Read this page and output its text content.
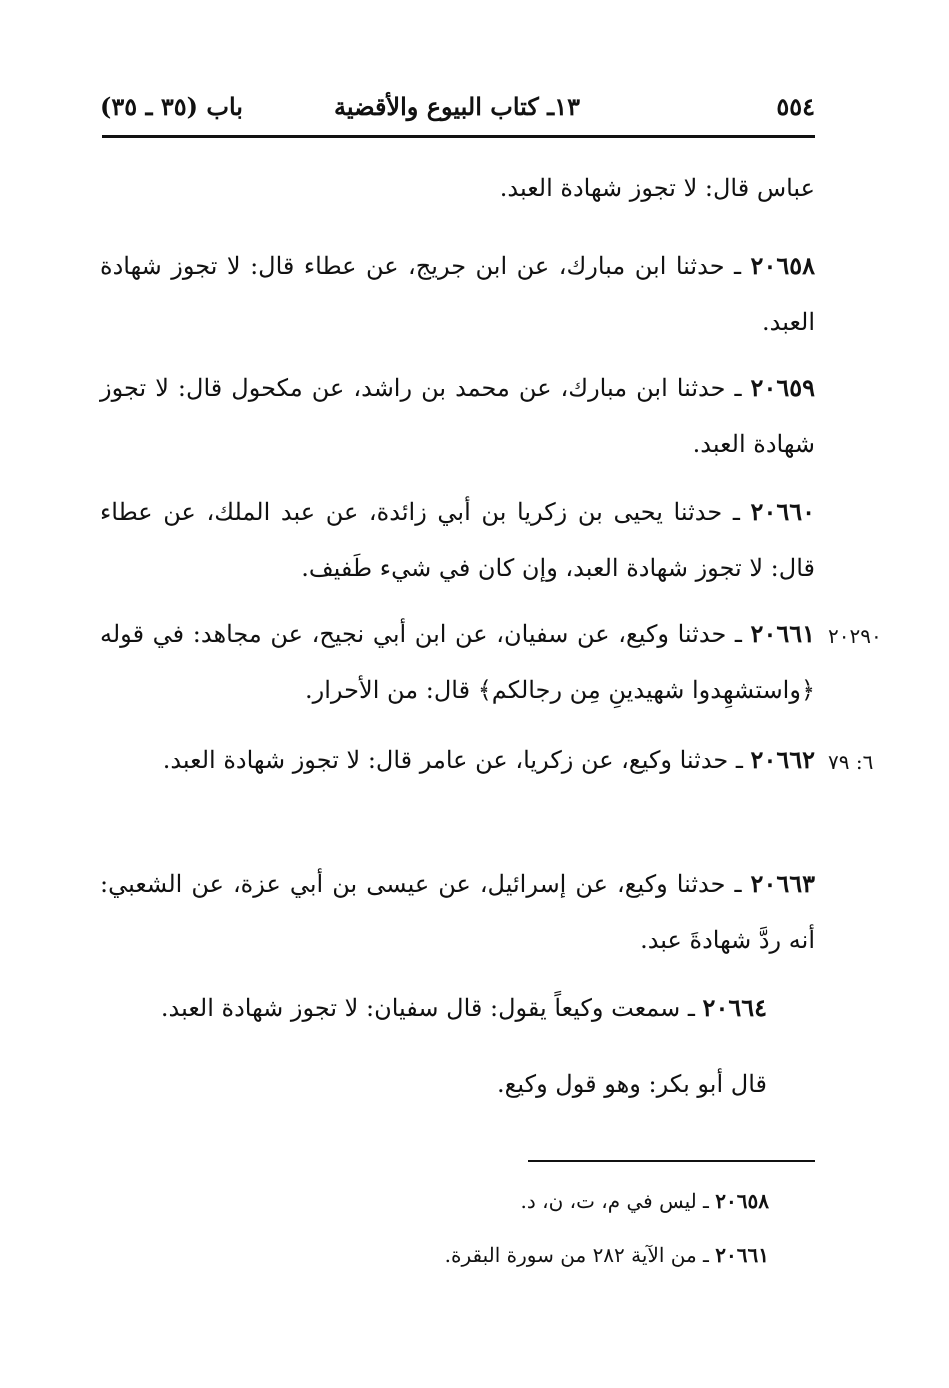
٥٥٤
١٣ـ كتاب البيوع والأقضية
باب (٣٥ ـ ٣٥)
عباس قال: لا تجوز شهادة العبد.
٢٠٦٥٨ ـ حدثنا ابن مبارك، عن ابن جريج، عن عطاء قال: لا تجوز شهادة العبد.
٢٠٦٥٩ ـ حدثنا ابن مبارك، عن محمد بن راشد، عن مكحول قال: لا تجوز شهادة العبد.
٢٠٦٦٠ ـ حدثنا يحيى بن زكريا بن أبي زائدة، عن عبد الملك، عن عطاء قال: لا تجوز شهادة العبد، وإن كان في شيء طَفيف.
٢٠٦٦١ ـ حدثنا وكيع، عن سفيان، عن ابن أبي نجيح، عن مجاهد: في قوله ﴿واستشهِدوا شهيدينِ مِن رجالكم﴾ قال: من الأحرار.
٢٠٢٩٠
٢٠٦٦٢ ـ حدثنا وكيع، عن زكريا، عن عامر قال: لا تجوز شهادة العبد.	٦: ٧٩
٢٠٦٦٣ ـ حدثنا وكيع، عن إسرائيل، عن عيسى بن أبي عزة، عن الشعبي: أنه ردَّ شهادةَ عبد.
٢٠٦٦٤ ـ سمعت وكيعاً يقول: قال سفيان: لا تجوز شهادة العبد.
قال أبو بكر: وهو قول وكيع.
٢٠٦٥٨ ـ ليس في م، ت، ن، د.
٢٠٦٦١ ـ من الآية ٢٨٢ من سورة البقرة.
